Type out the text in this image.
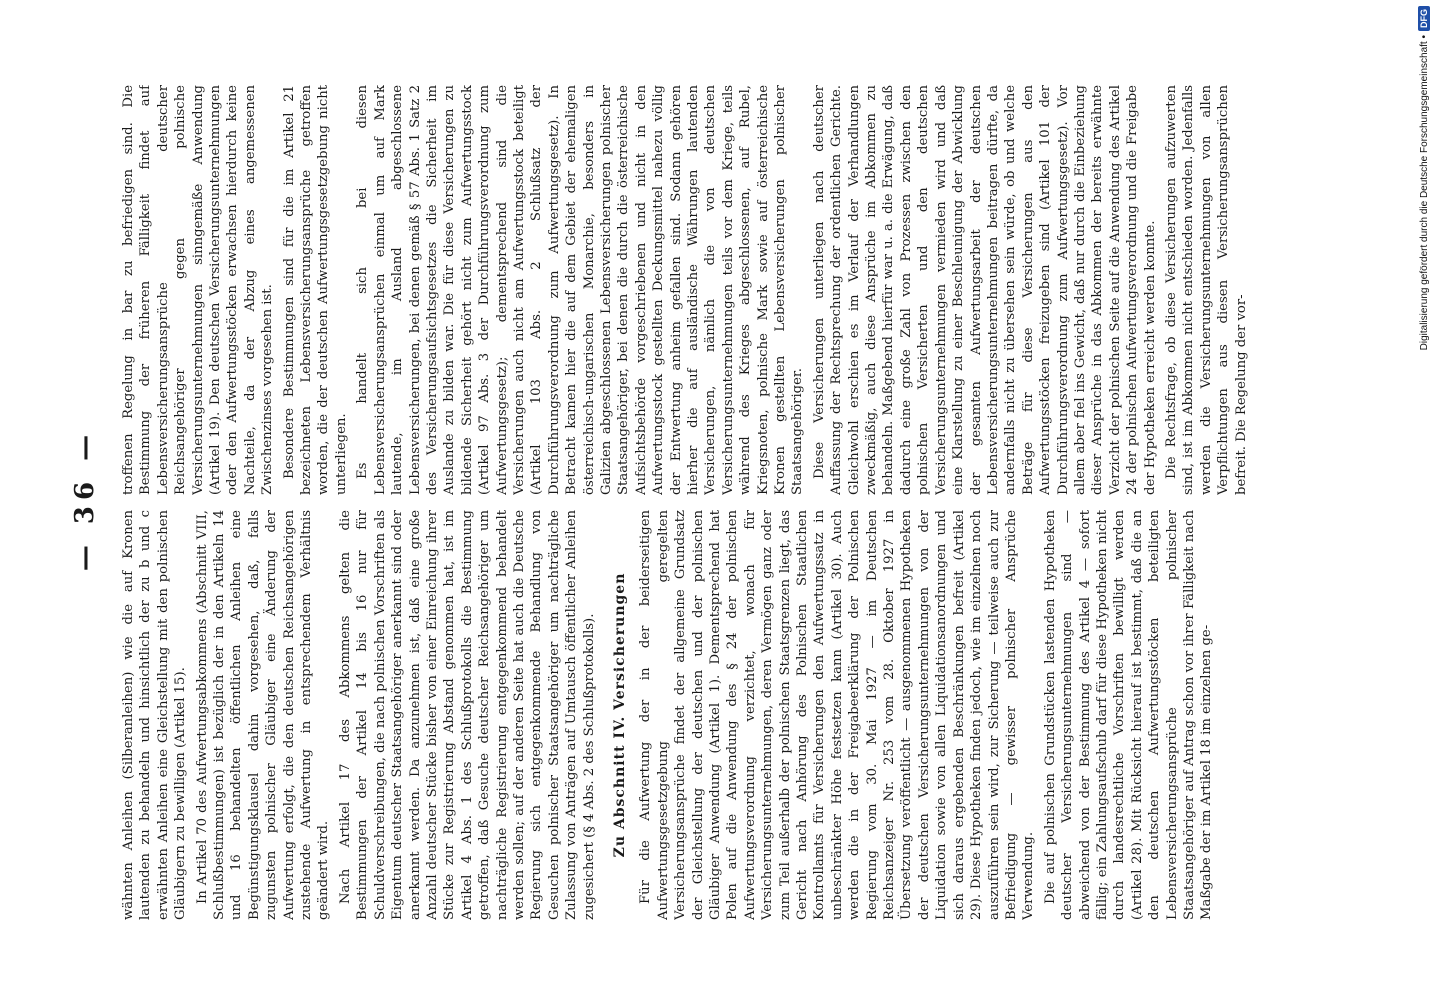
— 36 —

wähnten Anleihen (Silberanleihen) wie die auf Kronen lautenden zu behandeln und hinsichtlich der zu b und c erwähnten Anleihen eine Gleichstellung mit den polnischen Gläubigern zu bewilligen (Artikel 15). In Artikel 70 des Aufwertungsabkommens (Abschnitt VIII, Schlußbestimmungen) ist bezüglich der in den Artikeln 14 und 16 behandelten öffentlichen Anleihen eine Begünstigungsklausel dahin vorgesehen, daß, falls zugunsten polnischer Gläubiger eine Änderung der Aufwertung erfolgt, die den deutschen Reichsangehörigen zustehende Aufwertung in entsprechendem Verhältnis geändert wird. Nach Artikel 17 des Abkommens gelten die Bestimmungen der Artikel 14 bis 16 nur für Schuldverschreibungen, die nach polnischen Vorschriften als Eigentum deutscher Staatsangehöriger anerkannt sind oder anerkannt werden. Da anzunehmen ist, daß eine große Anzahl deutscher Stücke bisher von einer Einreichung ihrer Stücke zur Registrierung Abstand genommen hat, ist im Artikel 4 Abs. 1 des Schlußprotokolls die Bestimmung getroffen, daß Gesuche deutscher Reichsangehöriger um nachträgliche Registrierung entgegenkommend behandelt werden sollen; auf der anderen Seite hat auch die Deutsche Regierung sich entgegenkommende Behandlung von Gesuchen polnischer Staatsangehöriger um nachträgliche Zulassung von Anträgen auf Umtausch öffentlicher Anleihen zugesichert (§ 4 Abs. 2 des Schlußprotokolls). Zu Abschnitt IV. Versicherungen Für die Aufwertung der in der beiderseitigen Aufwertungsgesetzgebung geregelten Versicherungsansprüche findet der allgemeine Grundsatz der Gleichstellung der deutschen und der polnischen Gläubiger Anwendung (Artikel 1). Dementsprechend hat Polen auf die Anwendung des § 24 der polnischen Aufwertungsverordnung verzichtet, wonach für Versicherungsunternehmungen, deren Vermögen ganz oder zum Teil außerhalb der polnischen Staatsgrenzen liegt, das Gericht nach Anhörung des Polnischen Staatlichen Kontrollamts für Versicherungen den Aufwertungssatz in unbeschränkter Höhe festsetzen kann (Artikel 30). Auch werden die in der Freigabeerklärung der Polnischen Regierung vom 30. Mai 1927 — im Deutschen Reichsanzeiger Nr. 253 vom 28. Oktober 1927 in Übersetzung veröffentlicht — ausgenommenen Hypotheken der deutschen Versicherungsunternehmungen von der Liquidation sowie von allen Liquidationsanordnungen und sich daraus ergebenden Beschränkungen befreit (Artikel 29). Diese Hypotheken finden jedoch, wie im einzelnen noch auszuführen sein wird, zur Sicherung — teilweise auch zur Befriedigung — gewisser polnischer Ansprüche Verwendung. Die auf polnischen Grundstücken lastenden Hypotheken deutscher Versicherungsunternehmungen sind — abweichend von der Bestimmung des Artikel 4 — sofort fällig; ein Zahlungsaufschub darf für diese Hypotheken nicht durch landesrechtliche Vorschriften bewilligt werden (Artikel 28). Mit Rücksicht hierauf ist bestimmt, daß die an den deutschen Aufwertungsstöcken beteiligten Lebensversicherungsansprüche polnischer Staatsangehöriger auf Antrag schon vor ihrer Fälligkeit nach Maßgabe der im Artikel 18 im einzelnen ge-

troffenen Regelung in bar zu befriedigen sind. Die Bestimmung der früheren Fälligkeit findet auf Lebensversicherungsansprüche deutscher Reichsangehöriger gegen polnische Versicherungsunternehmungen sinngemäße Anwendung (Artikel 19). Den deutschen Versicherungsunternehmungen oder den Aufwertungsstöcken erwachsen hierdurch keine Nachteile, da der Abzug eines angemessenen Zwischenzinses vorgesehen ist. Besondere Bestimmungen sind für die im Artikel 21 bezeichneten Lebensversicherungsansprüche getroffen worden, die der deutschen Aufwertungsgesetzgebung nicht unterliegen. Es handelt sich bei diesen Lebensversicherungsansprüchen einmal um auf Mark lautende, im Ausland abgeschlossene Lebensversicherungen, bei denen gemäß § 57 Abs. 1 Satz 2 des Versicherungsaufsichtsgesetzes die Sicherheit im Auslande zu bilden war. Die für diese Versicherungen zu bildende Sicherheit gehört nicht zum Aufwertungsstock (Artikel 97 Abs. 3 der Durchführungsverordnung zum Aufwertungsgesetz); dementsprechend sind die Versicherungen auch nicht am Aufwertungsstock beteiligt (Artikel 103 Abs. 2 Schlußsatz der Durchführungsverordnung zum Aufwertungsgesetz). In Betracht kamen hier die auf dem Gebiet der ehemaligen österreichisch-ungarischen Monarchie, besonders in Galizien abgeschlossenen Lebensversicherungen polnischer Staatsangehöriger, bei denen die durch die österreichische Aufsichtsbehörde vorgeschriebenen und nicht in den Aufwertungsstock gestellten Deckungsmittel nahezu völlig der Entwertung anheim gefallen sind. Sodann gehören hierher die auf ausländische Währungen lautenden Versicherungen, nämlich die von deutschen Versicherungsunternehmungen teils vor dem Kriege, teils während des Krieges abgeschlossenen, auf Rubel, Kriegsnoten, polnische Mark sowie auf österreichische Kronen gestellten Lebensversicherungen polnischer Staatsangehöriger. Diese Versicherungen unterliegen nach deutscher Auffassung der Rechtsprechung der ordentlichen Gerichte. Gleichwohl erschien es im Verlauf der Verhandlungen zweckmäßig, auch diese Ansprüche im Abkommen zu behandeln. Maßgebend hierfür war u. a. die Erwägung, daß dadurch eine große Zahl von Prozessen zwischen den polnischen Versicherten und den deutschen Versicherungsunternehmungen vermieden wird und daß eine Klarstellung zu einer Beschleunigung der Abwicklung der gesamten Aufwertungsarbeit der deutschen Lebensversicherungsunternehmungen beitragen dürfte, da andernfalls nicht zu übersehen sein würde, ob und welche Beträge für diese Versicherungen aus den Aufwertungsstöcken freizugeben sind (Artikel 101 der Durchführungsverordnung zum Aufwertungsgesetz). Vor allem aber fiel ins Gewicht, daß nur durch die Einbeziehung dieser Ansprüche in das Abkommen der bereits erwähnte Verzicht der polnischen Seite auf die Anwendung des Artikel 24 der polnischen Aufwertungsverordnung und die Freigabe der Hypotheken erreicht werden konnte. Die Rechtsfrage, ob diese Versicherungen aufzuwerten sind, ist im Abkommen nicht entschieden worden. Jedenfalls werden die Versicherungsunternehmungen von allen Verpflichtungen aus diesen Versicherungsansprüchen befreit. Die Regelung der vor-

Digitalisierung gefördert durch die Deutsche Forschungsgemeinschaft •
DFG
